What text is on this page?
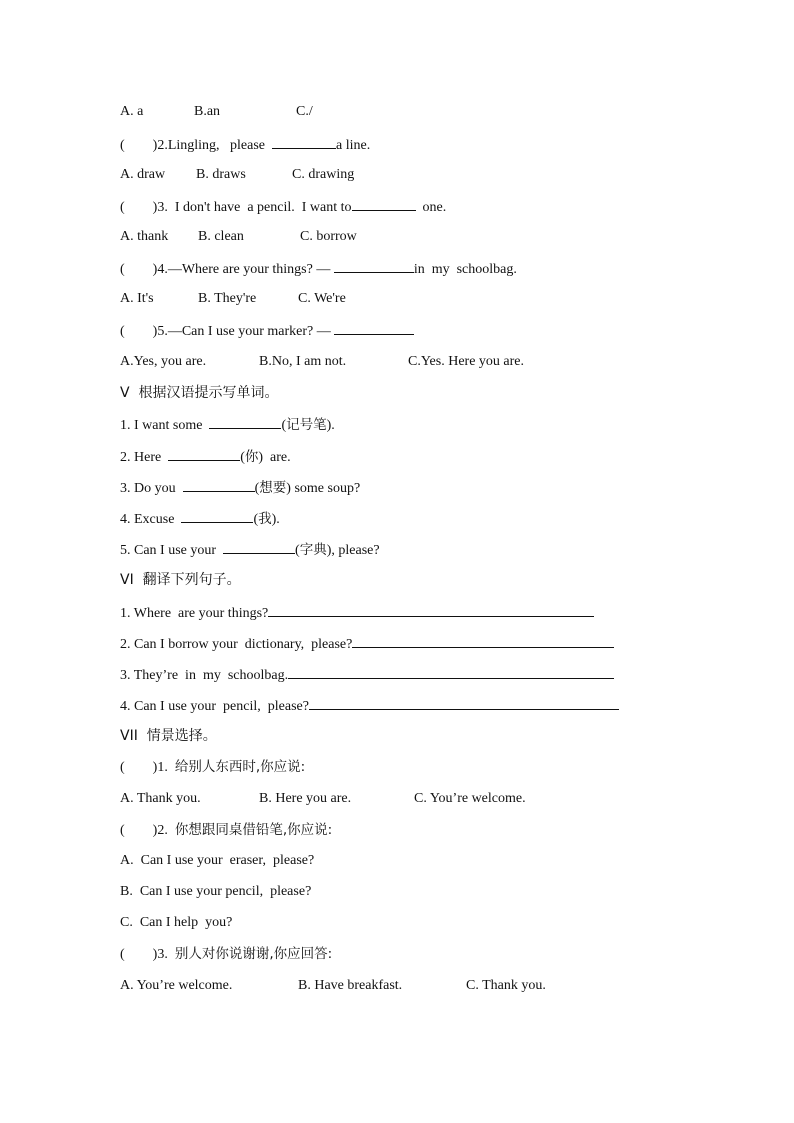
A. a	B.an	C./
(        )2.Lingling,   please	a line.
A. draw B. draws	C. drawing
(        )3.  I don't have  a pencil.  I want to	one.
A. thank B. clean	C. borrow
(        )4.—Where are your things? —	in  my  schoolbag.
A. It's	B. They're	C. We're
(        )5.—Can I use your marker? —
A.Yes, you are.	B.No, I am not.	C.Yes. Here you are.
V  根据汉语提示写单词。
1. I want some	(记号笔).
2. Here	(你)  are.
3. Do you	(想要) some soup?
4. Excuse	(我).
5. Can I use your	(字典), please?
VI  翻译下列句子。
1. Where  are your things?
2. Can I borrow your  dictionary,  please?
3. They’re  in  my  schoolbag.
4. Can I use your  pencil,  please?
VII  情景选择。
(        )1.  给别人东西时,你应说:
A. Thank you.	B. Here you are.	C. You’re welcome.
(        )2.  你想跟同桌借铅笔,你应说:
A.  Can I use your  eraser,  please?
B.  Can I use your pencil,  please?
C.  Can I help  you?
(        )3.  别人对你说谢谢,你应回答:
A. You’re welcome.	B. Have breakfast.	C. Thank you.
